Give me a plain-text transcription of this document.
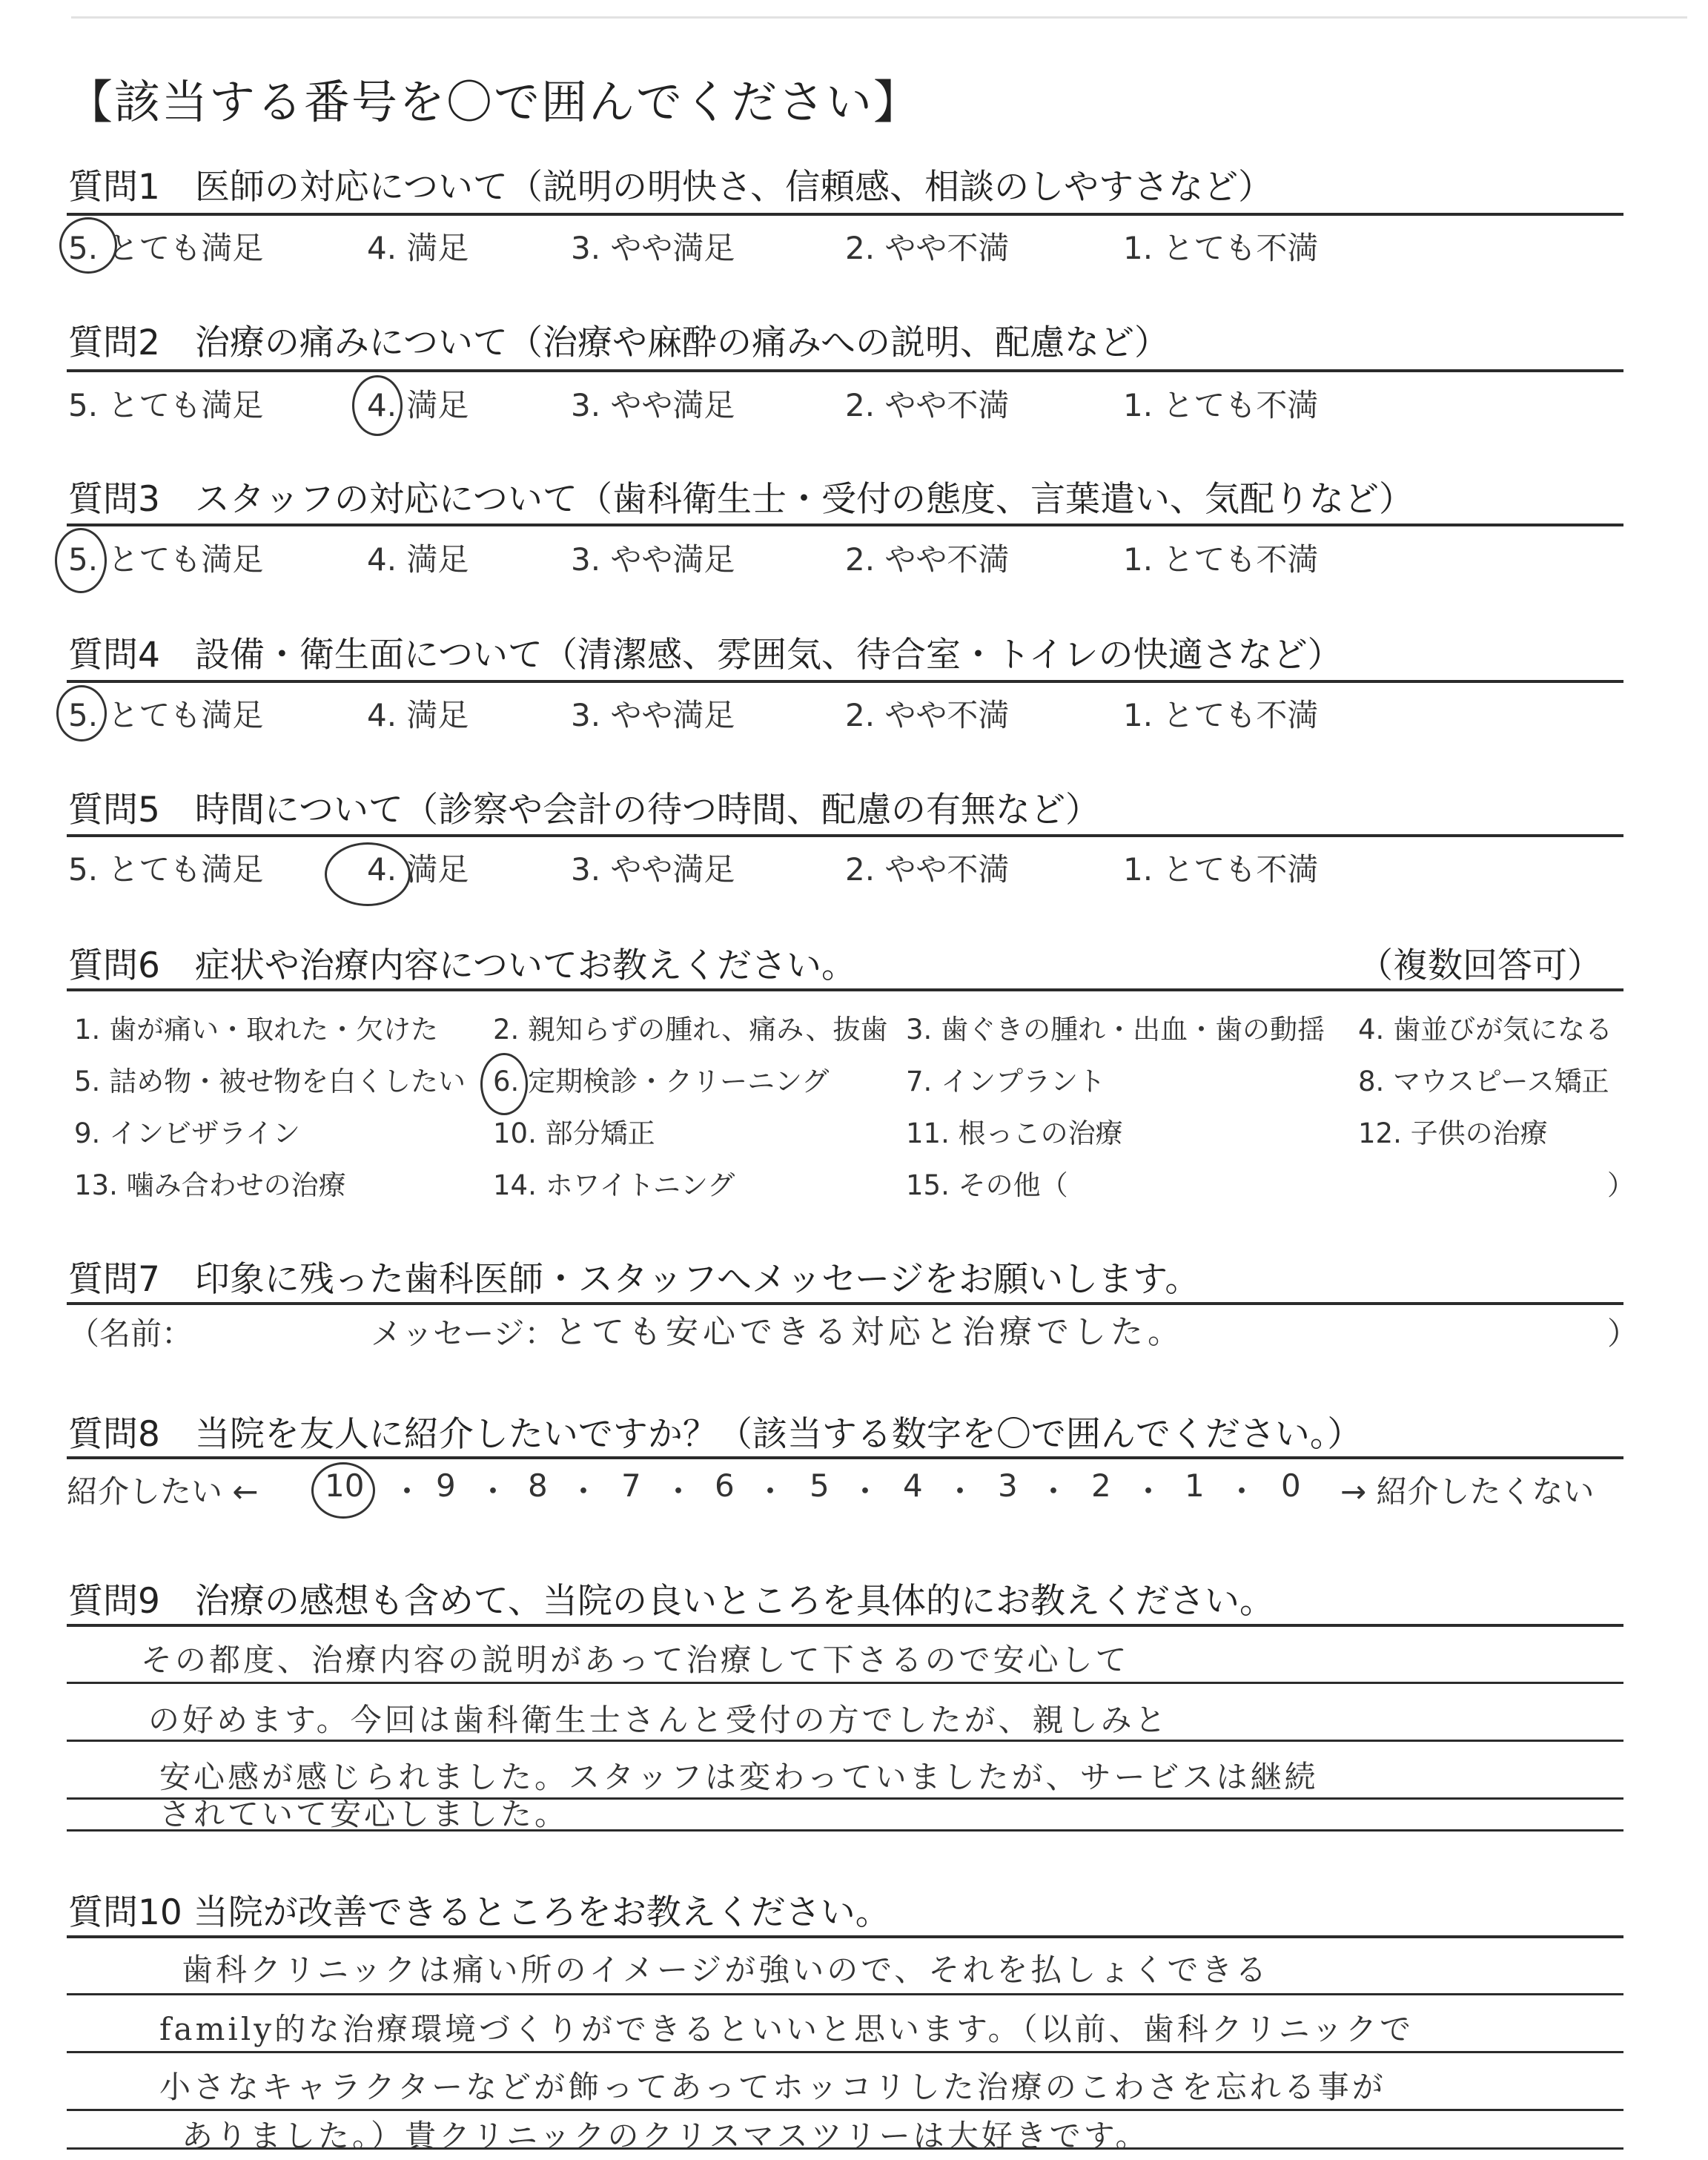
【該当する番号を〇で囲んでください】
質問1　医師の対応について（説明の明快さ、信頼感、相談のしやすさなど）
5. とても満足	4. 満足	3. やや満足	2. やや不満	1. とても不満
質問2　治療の痛みについて（治療や麻酔の痛みへの説明、配慮など）
5. とても満足	4. 満足	3. やや満足	2. やや不満	1. とても不満
質問3　スタッフの対応について（歯科衛生士・受付の態度、言葉遣い、気配りなど）
5. とても満足	4. 満足	3. やや満足	2. やや不満	1. とても不満
質問4　設備・衛生面について（清潔感、雰囲気、待合室・トイレの快適さなど）
5. とても満足	4. 満足	3. やや満足	2. やや不満	1. とても不満
質問5　時間について（診察や会計の待つ時間、配慮の有無など）
5. とても満足	4. 満足	3. やや満足	2. やや不満	1. とても不満
質問6　症状や治療内容についてお教えください。	（複数回答可）
1. 歯が痛い・取れた・欠けた 2. 親知らずの腫れ、痛み、抜歯 3. 歯ぐきの腫れ・出血・歯の動揺 4. 歯並びが気になる
5. 詰め物・被せ物を白くしたい 6. 定期検診・クリーニング	7. インプラント	8. マウスピース矯正
9. インビザライン	10. 部分矯正	11. 根っこの治療	12. 子供の治療
13. 噛み合わせの治療	14. ホワイトニング	15. その他（	）
質問7　印象に残った歯科医師・スタッフへメッセージをお願いします。
（名前：	メッセージ：
とても安心できる対応と治療でした。	）
質問8　当院を友人に紹介したいですか？（該当する数字を〇で囲んでください。）
紹介したい ← 10 ・ 9 ・ 8 ・ 7 ・ 6 ・ 5 ・ 4 ・ 3 ・ 2 ・ 1 ・ 0 → 紹介したくない
質問9　治療の感想も含めて、当院の良いところを具体的にお教えください。
その都度、治療内容の説明があって治療して下さるので安心して
の好めます。今回は歯科衛生士さんと受付の方でしたが、親しみと
安心感が感じられました。スタッフは変わっていましたが、サービスは継続
されていて安心しました。
質問10 当院が改善できるところをお教えください。
歯科クリニックは痛い所のイメージが強いので、それを払しょくできる
family的な治療環境づくりができるといいと思います。（以前、歯科クリニックで
小さなキャラクターなどが飾ってあってホッコリした治療のこわさを忘れる事が
ありました。）貴クリニックのクリスマスツリーは大好きです。
